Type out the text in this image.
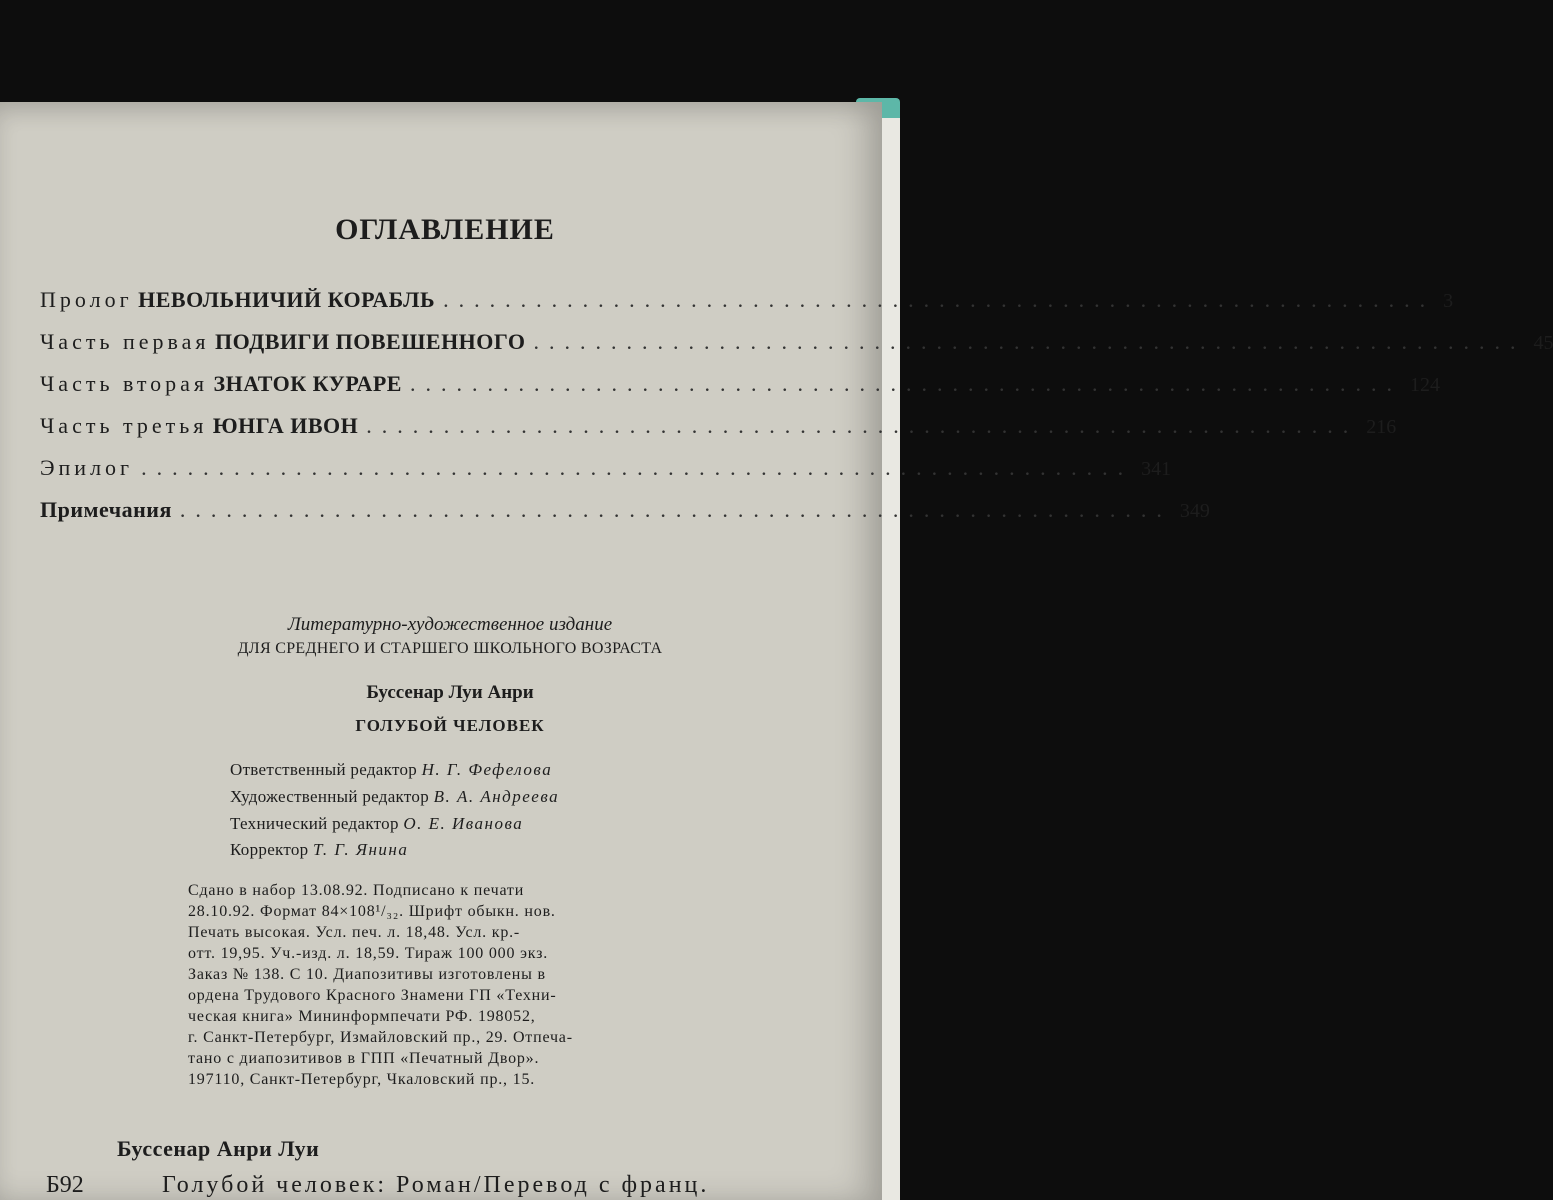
ОГЛАВЛЕНИЕ
Пролог НЕВОЛЬНИЧИЙ КОРАБЛЬ ................................................................ 3
Часть первая ПОДВИГИ ПОВЕШЕННОГО ................................................................ 45
Часть вторая ЗНАТОК КУРАРЕ ................................................................ 124
Часть третья ЮНГА ИВОН ................................................................ 216
Эпилог ................................................................ 341
Примечания ................................................................ 349
Литературно-художественное издание
ДЛЯ СРЕДНЕГО И СТАРШЕГО ШКОЛЬНОГО ВОЗРАСТА
Буссенар Луи Анри
ГОЛУБОЙ ЧЕЛОВЕК
Ответственный редактор Н. Г. Фефелова
Художественный редактор В. А. Андреева
Технический редактор О. Е. Иванова
Корректор Т. Г. Янина
Сдано в набор 13.08.92. Подписано к печати
28.10.92. Формат 84×108¹/₃₂. Шрифт обыкн. нов.
Печать высокая. Усл. печ. л. 18,48. Усл. кр.-
отт. 19,95. Уч.-изд. л. 18,59. Тираж 100 000 экз.
Заказ № 138. С 10. Диапозитивы изготовлены в
ордена Трудового Красного Знамени ГП «Техни-
ческая книга» Мининформпечати РФ. 198052,
г. Санкт-Петербург, Измайловский пр., 29. Отпеча-
тано с диапозитивов в ГПП «Печатный Двор».
197110, Санкт-Петербург, Чкаловский пр., 15.
Буссенар Анри Луи
Б92	Голубой человек: Роман/Перевод с франц.
